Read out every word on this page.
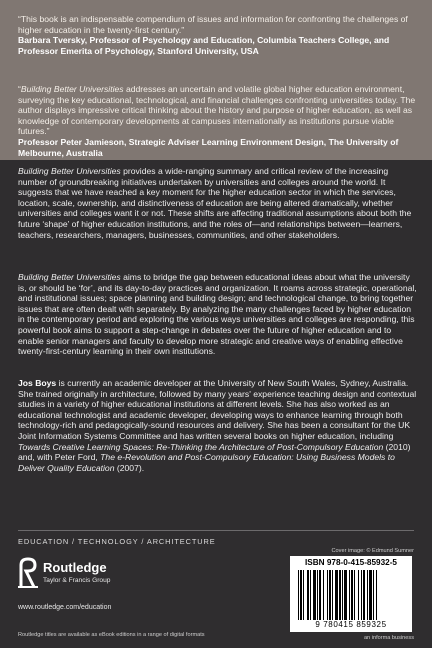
“This book is an indispensable compendium of issues and information for confronting the challenges of higher education in the twenty-first century.”
Barbara Tversky, Professor of Psychology and Education, Columbia Teachers College, and Professor Emerita of Psychology, Stanford University, USA
“Building Better Universities addresses an uncertain and volatile global higher education environment, surveying the key educational, technological, and financial challenges confronting universities today. The author displays impressive critical thinking about the history and purpose of higher education, as well as knowledge of contemporary developments at campuses internationally as institutions pursue viable futures.”
Professor Peter Jamieson, Strategic Adviser Learning Environment Design, The University of Melbourne, Australia
Building Better Universities provides a wide-ranging summary and critical review of the increasing number of groundbreaking initiatives undertaken by universities and colleges around the world. It suggests that we have reached a key moment for the higher education sector in which the services, location, scale, ownership, and distinctiveness of education are being altered dramatically, whether universities and colleges want it or not. These shifts are affecting traditional assumptions about both the future ‘shape’ of higher education institutions, and the roles of—and relationships between—learners, teachers, researchers, managers, businesses, communities, and other stakeholders.
Building Better Universities aims to bridge the gap between educational ideas about what the university is, or should be ‘for’, and its day-to-day practices and organization. It roams across strategic, operational, and institutional issues; space planning and building design; and technological change, to bring together issues that are often dealt with separately. By analyzing the many challenges faced by higher education in the contemporary period and exploring the various ways universities and colleges are responding, this powerful book aims to support a step-change in debates over the future of higher education and to enable senior managers and faculty to develop more strategic and creative ways of enabling effective twenty-first-century learning in their own institutions.
Jos Boys is currently an academic developer at the University of New South Wales, Sydney, Australia. She trained originally in architecture, followed by many years' experience teaching design and contextual studies in a variety of higher educational institutions at different levels. She has also worked as an educational technologist and academic developer, developing ways to enhance learning through both technology-rich and pedagogically-sound resources and delivery. She has been a consultant for the UK Joint Information Systems Committee and has written several books on higher education, including Towards Creative Learning Spaces: Re-Thinking the Architecture of Post-Compulsory Education (2010) and, with Peter Ford, The e-Revolution and Post-Compulsory Education: Using Business Models to Deliver Quality Education (2007).
EDUCATION / TECHNOLOGY / ARCHITECTURE
Cover image: © Edmund Sumner
Routledge
Taylor & Francis Group
www.routledge.com/education
Routledge titles are available as eBook editions in a range of digital formats
ISBN 978-0-415-85932-5
9 780415 859325
an informa business
